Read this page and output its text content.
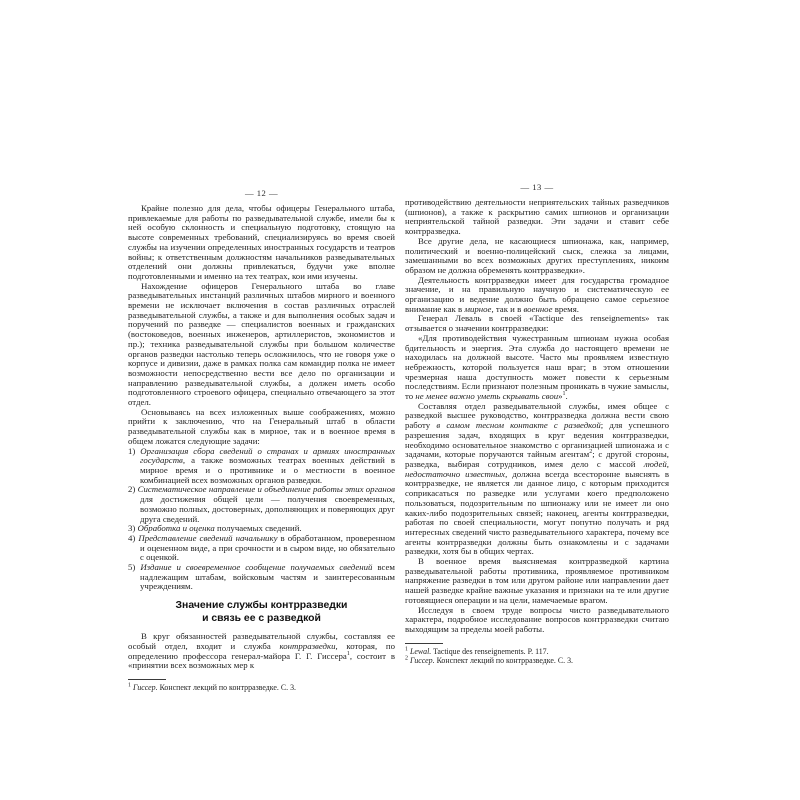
— 12 —

Крайне полезно для дела, чтобы офицеры Генерального штаба, привлекаемые для работы по разведывательной службе, имели бы к ней особую склонность и специальную подготовку, стоящую на высоте современных требований, специализируясь во время своей службы на изучении определенных иностранных государств и театров войны; к ответственным должностям начальников разведывательных отделений они должны привлекаться, будучи уже вполне подготовленными и именно на тех театрах, кои ими изучены.

Нахождение офицеров Генерального штаба во главе разведывательных инстанций различных штабов мирного и военного времени не исключает включения в состав различных отраслей разведывательной службы, а также и для выполнения особых задач и поручений по разведке — специалистов военных и гражданских (востоковедов, военных инженеров, артиллеристов, экономистов и пр.); техника разведывательной службы при большом количестве органов разведки настолько теперь осложнилось, что не говоря уже о корпусе и дивизии, даже в рамках полка сам командир полка не имеет возможности непосредственно вести все дело по организации и направлению разведывательной службы, а должен иметь особо подготовленного строевого офицера, специально отвечающего за этот отдел.

Основываясь на всех изложенных выше соображениях, можно прийти к заключению, что на Генеральный штаб в области разведывательной службы как в мирное, так и в военное время в общем ложатся следующие задачи:

1) Организация сбора сведений о странах и армиях иностранных государств, а также возможных театрах военных действий в мирное время и о противнике и о местности в военное комбинацией всех возможных органов разведки.

2) Систематическое направление и объединение работы этих органов для достижения общей цели — получения своевременных, возможно полных, достоверных, дополняющих и поверяющих друг друга сведений.

3) Обработка и оценка получаемых сведений.

4) Представление сведений начальнику в обработанном, проверенном и оцененном виде, а при срочности и в сыром виде, но обязательно с оценкой.

5) Издание и своевременное сообщение получаемых сведений всем надлежащим штабам, войсковым частям и заинтересованным учреждениям.

Значение службы контрразведки
и связь ее с разведкой

В круг обязанностей разведывательной службы, составляя ее особый отдел, входит и служба контрразведки, которая, по определению профессора генерал-майора Г. Г. Гиссера$^1$, состоит в «принятии всех возможных мер к

$^1$ Гиссер. Конспект лекций по контрразведке. С. 3.

— 13 —

противодействию деятельности неприятельских тайных разведчиков (шпионов), а также к раскрытию самих шпионов и организации неприятельской тайной разведки. Эти задачи и ставит себе контрразведка.

Все другие дела, не касающиеся шпионажа, как, например, политический и военно-полицейский сыск, слежка за лицами, замешанными во всех возможных других преступлениях, никоим образом не должна обременять контрразведки».

Деятельность контрразведки имеет для государства громадное значение, и на правильную научную и систематическую ее организацию и ведение должно быть обращено самое серьезное внимание как в мирное, так и в военное время.

Генерал Леваль в своей «Tactique des renseignements» так отзывается о значении контрразведки:

«Для противодействия чужестранным шпионам нужна особая бдительность и энергия. Эта служба до настоящего времени не находилась на должной высоте. Часто мы проявляем известную небрежность, которой пользуется наш враг; в этом отношении чрезмерная наша доступность может повести к серьезным последствиям. Если признают полезным проникать в чужие замыслы, то не менее важно уметь скрывать свои»$^1$.

Составляя отдел разведывательной службы, имея общее с разведкой высшее руководство, контрразведка должна вести свою работу в самом тесном контакте с разведкой; для успешного разрешения задач, входящих в круг ведения контрразведки, необходимо основательное знакомство с организацией шпионажа и с задачами, которые поручаются тайным агентам$^2$; с другой стороны, разведка, выбирая сотрудников, имея дело с массой людей, недостаточно известных, должна всегда всесторонне выяснять в контрразведке, не является ли данное лицо, с которым приходится соприкасаться по разведке или услугами коего предположено пользоваться, подозрительным по шпионажу или не имеет ли оно каких-либо подозрительных связей; наконец, агенты контрразведки, работая по своей специальности, могут попутно получать и ряд интересных сведений чисто разведывательного характера, почему все агенты контрразведки должны быть ознакомлены и с задачами разведки, хотя бы в общих чертах.

В военное время выясняемая контрразведкой картина разведывательной работы противника, проявляемое противником напряжение разведки в том или другом районе или направлении дает нашей разведке крайне важные указания и признаки на те или другие готовящиеся операции и на цели, намечаемые врагом.

Исследуя в своем труде вопросы чисто разведывательного характера, подробное исследование вопросов контрразведки считаю выходящим за пределы моей работы.

$^1$ Lewal. Tactique des renseignements. P. 117.

$^2$ Гиссер. Конспект лекций по контрразведке. С. 3.
